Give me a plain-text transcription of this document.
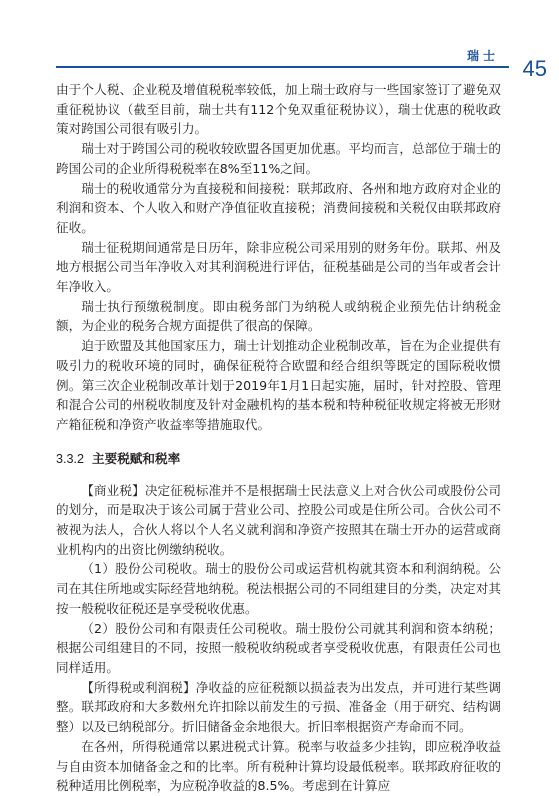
瑞士 45

由于个人税、企业税及增值税税率较低，加上瑞士政府与一些国家签订了避免双重征税协议（截至目前，瑞士共有112个免双重征税协议），瑞士优惠的税收政策对跨国公司很有吸引力。

瑞士对于跨国公司的税收较欧盟各国更加优惠。平均而言，总部位于瑞士的跨国公司的企业所得税税率在8%至11%之间。

瑞士的税收通常分为直接税和间接税：联邦政府、各州和地方政府对企业的利润和资本、个人收入和财产净值征收直接税；消费间接税和关税仅由联邦政府征收。

瑞士征税期间通常是日历年，除非应税公司采用别的财务年份。联邦、州及地方根据公司当年净收入对其利润税进行评估，征税基础是公司的当年或者会计年净收入。

瑞士执行预缴税制度。即由税务部门为纳税人或纳税企业预先估计纳税金额，为企业的税务合规方面提供了很高的保障。

迫于欧盟及其他国家压力，瑞士计划推动企业税制改革，旨在为企业提供有吸引力的税收环境的同时，确保征税符合欧盟和经合组织等既定的国际税收惯例。第三次企业税制改革计划于2019年1月1日起实施，届时，针对控股、管理和混合公司的州税收制度及针对金融机构的基本税和特种税征收规定将被无形财产箱征税和净资产收益率等措施取代。

3.3.2 主要税赋和税率

【商业税】决定征税标准并不是根据瑞士民法意义上对合伙公司或股份公司的划分，而是取决于该公司属于营业公司、控股公司或是住所公司。合伙公司不被视为法人，合伙人将以个人名义就利润和净资产按照其在瑞士开办的运营或商业机构内的出资比例缴纳税收。

（1）股份公司税收。瑞士的股份公司或运营机构就其资本和利润纳税。公司在其住所地或实际经营地纳税。税法根据公司的不同组建目的分类，决定对其按一般税收征税还是享受税收优惠。

（2）股份公司和有限责任公司税收。瑞士股份公司就其利润和资本纳税；根据公司组建目的不同，按照一般税收纳税或者享受税收优惠，有限责任公司也同样适用。

【所得税或利润税】净收益的应征税额以损益表为出发点，并可进行某些调整。联邦政府和大多数州允许扣除以前发生的亏损、准备金（用于研究、结构调整）以及已纳税部分。折旧储备金余地很大。折旧率根据资产寿命而不同。

在各州，所得税通常以累进税式计算。税率与收益多少挂钩，即应税净收益与自由资本加储备金之和的比率。所有税种计算均设最低税率。联邦政府征收的税种适用比例税率，为应税净收益的8.5%。考虑到在计算应
